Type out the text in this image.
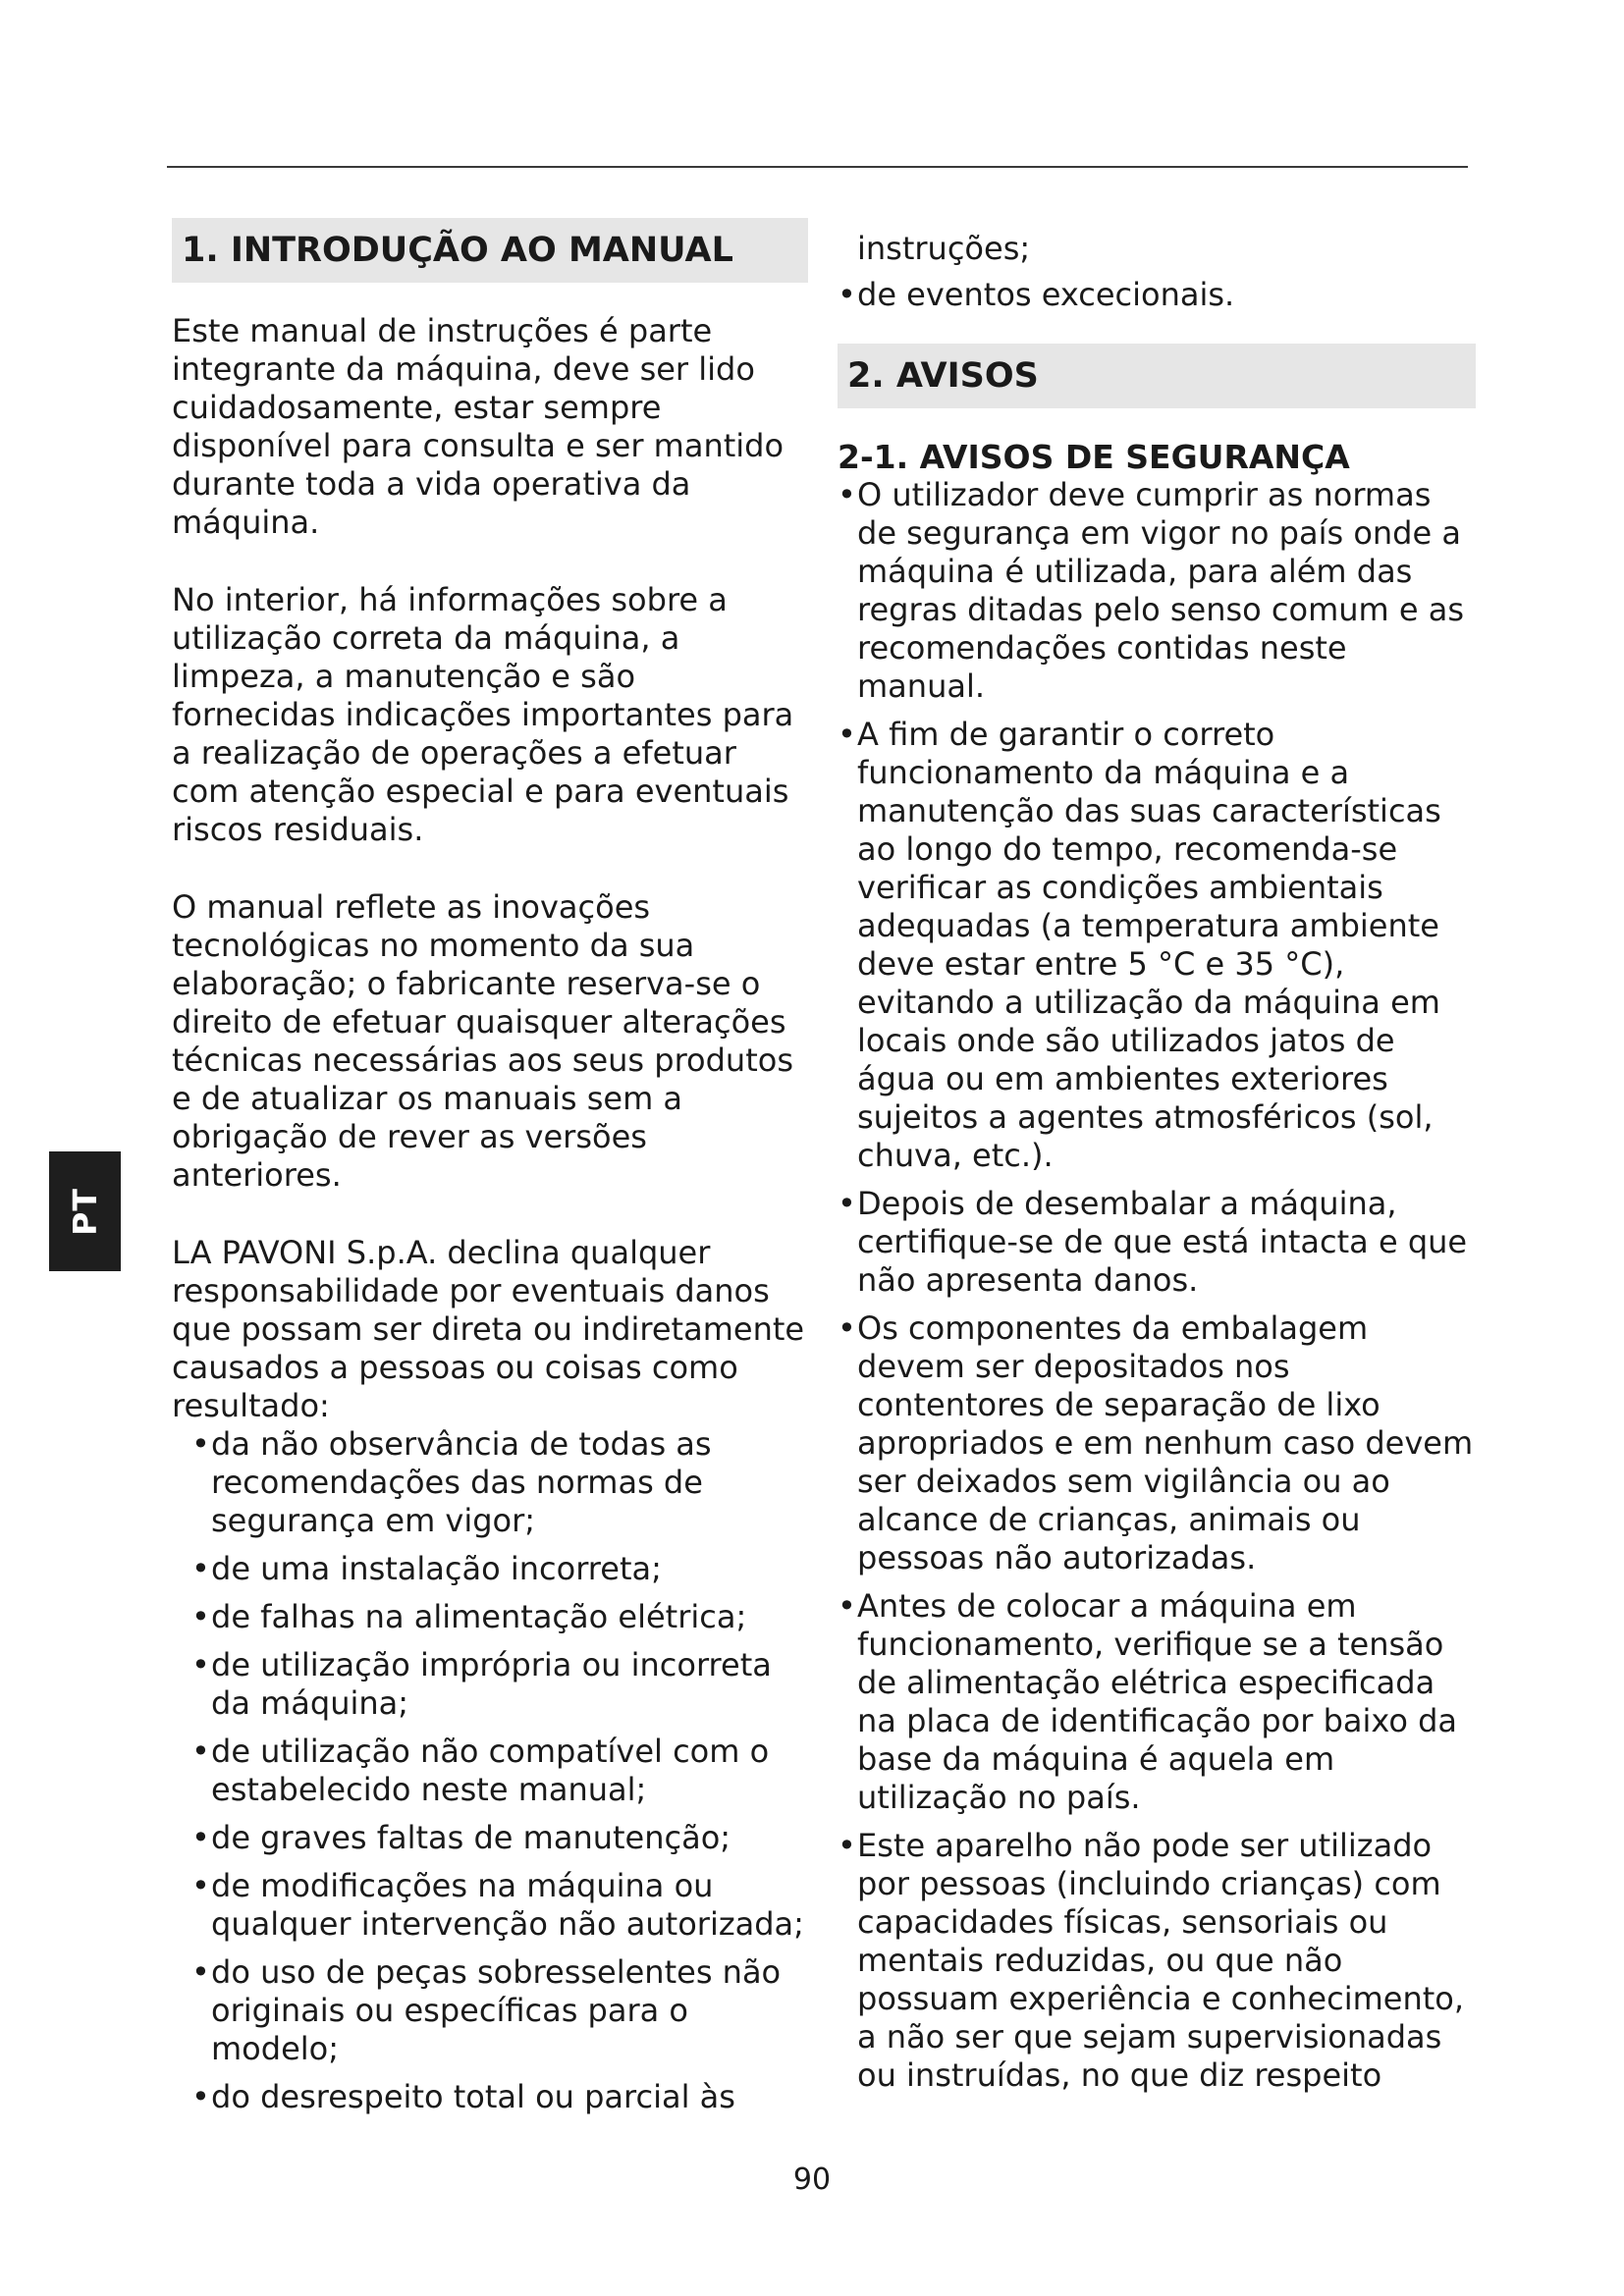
PT
1. INTRODUÇÃO AO MANUAL

Este manual de instruções é parte integrante da máquina, deve ser lido cuidadosamente, estar sempre disponível para consulta e ser mantido durante toda a vida operativa da máquina.

No interior, há informações sobre a utilização correta da máquina, a limpeza, a manutenção e são fornecidas indicações importantes para a realização de operações a efetuar com atenção especial e para eventuais riscos residuais.

O manual reflete as inovações tecnológicas no momento da sua elaboração; o fabricante reserva-se o direito de efetuar quaisquer alterações técnicas necessárias aos seus produtos e de atualizar os manuais sem a obrigação de rever as versões anteriores.

LA PAVONI S.p.A. declina qualquer responsabilidade por eventuais danos que possam ser direta ou indiretamente causados a pessoas ou coisas como resultado:

• da não observância de todas as recomendações das normas de segurança em vigor;
• de uma instalação incorreta;
• de falhas na alimentação elétrica;
• de utilização imprópria ou incorreta da máquina;
• de utilização não compatível com o estabelecido neste manual;
• de graves faltas de manutenção;
• de modificações na máquina ou qualquer intervenção não autorizada;
• do uso de peças sobresselentes não originais ou específicas para o modelo;
• do desrespeito total ou parcial às

instruções;

• de eventos excecionais.
2. AVISOS
2-1. AVISOS DE SEGURANÇA
• O utilizador deve cumprir as normas de segurança em vigor no país onde a máquina é utilizada, para além das regras ditadas pelo senso comum e as recomendações contidas neste manual.
• A fim de garantir o correto funcionamento da máquina e a manutenção das suas características ao longo do tempo, recomenda-se verificar as condições ambientais adequadas (a temperatura ambiente deve estar entre 5 °C e 35 °C), evitando a utilização da máquina em locais onde são utilizados jatos de água ou em ambientes exteriores sujeitos a agentes atmosféricos (sol, chuva, etc.).
• Depois de desembalar a máquina, certifique-se de que está intacta e que não apresenta danos.
• Os componentes da embalagem devem ser depositados nos contentores de separação de lixo apropriados e em nenhum caso devem ser deixados sem vigilância ou ao alcance de crianças, animais ou pessoas não autorizadas.
• Antes de colocar a máquina em funcionamento, verifique se a tensão de alimentação elétrica especificada na placa de identificação por baixo da base da máquina é aquela em utilização no país.
• Este aparelho não pode ser utilizado por pessoas (incluindo crianças) com capacidades físicas, sensoriais ou mentais reduzidas, ou que não possuam experiência e conhecimento, a não ser que sejam supervisionadas ou instruídas, no que diz respeito
90
